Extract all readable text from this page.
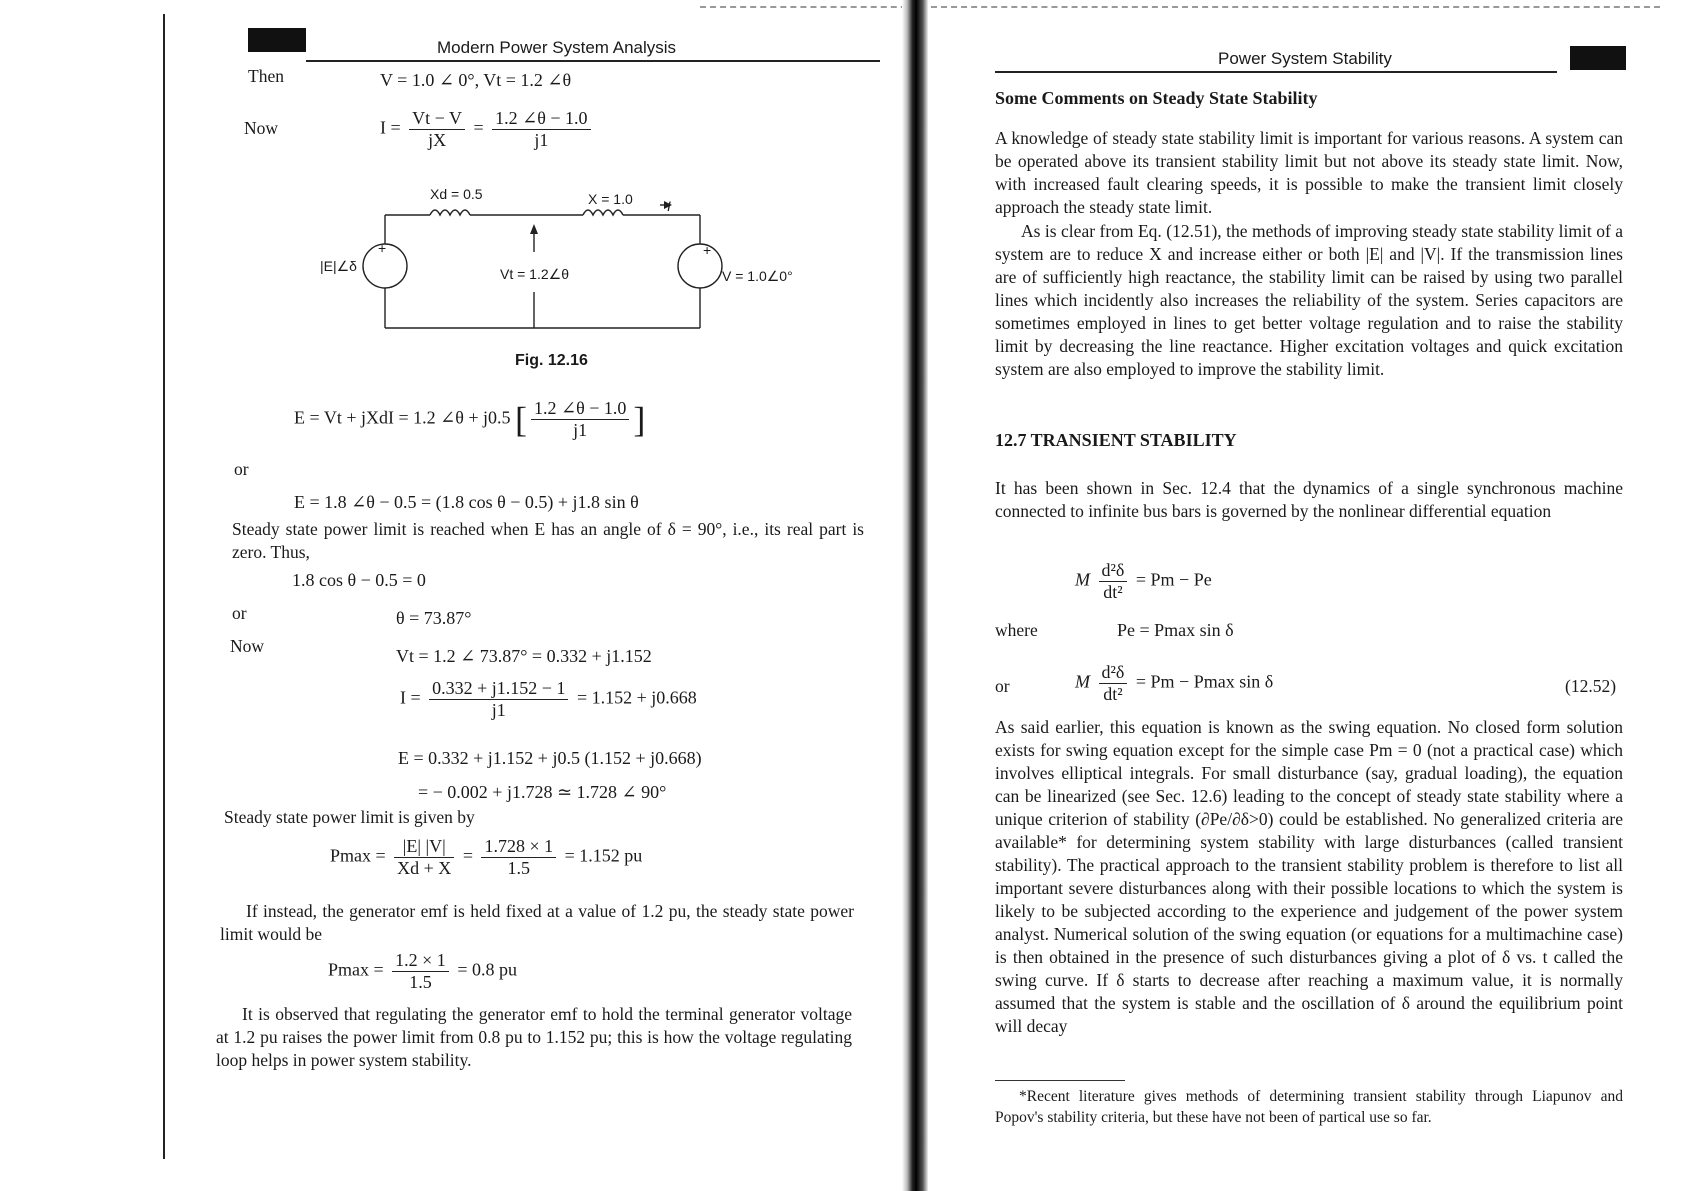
Modern Power System Analysis
Then	V = 1.0 ∠ 0°, Vt = 1.2 ∠θ
Now	$I = \frac{Vt - V}{jX} = \frac{1.2 \angle\theta - 1.0}{j1}$
Xd = 0.5	X = 1.0 I
+	+
|E|∠δ	Vt = 1.2∠θ	V = 1.0∠0°
Fig. 12.16
E = Vt + jXdI = 1.2 ∠θ + j0.5 [ $\frac{1.2 \angle\theta - 1.0}{j1}$ ]
or
E = 1.8 ∠θ − 0.5 = (1.8 cos θ − 0.5) + j1.8 sin θ
Steady state power limit is reached when E has an angle of δ = 90°, i.e., its real part is zero. Thus,
1.8 cos θ − 0.5 = 0
or	θ = 73.87°
Now	Vt = 1.2 ∠ 73.87° = 0.332 + j1.152
$I = \frac{0.332 + j1.152 - 1}{j1} = 1.152 + j0.668$
E = 0.332 + j1.152 + j0.5 (1.152 + j0.668)
= − 0.002 + j1.728 ≃ 1.728 ∠ 90°
Steady state power limit is given by
$Pmax = \frac{|E| |V|}{Xd + X} = \frac{1.728 \times 1}{1.5} = 1.152$ pu
If instead, the generator emf is held fixed at a value of 1.2 pu, the steady state power limit would be
$Pmax = \frac{1.2 \times 1}{1.5} = 0.8$ pu
It is observed that regulating the generator emf to hold the terminal generator voltage at 1.2 pu raises the power limit from 0.8 pu to 1.152 pu; this is how the voltage regulating loop helps in power system stability.
Power System Stability
Some Comments on Steady State Stability
A knowledge of steady state stability limit is important for various reasons. A system can be operated above its transient stability limit but not above its steady state limit. Now, with increased fault clearing speeds, it is possible to make the transient limit closely approach the steady state limit.
As is clear from Eq. (12.51), the methods of improving steady state stability limit of a system are to reduce X and increase either or both |E| and |V|. If the transmission lines are of sufficiently high reactance, the stability limit can be raised by using two parallel lines which incidently also increases the reliability of the system. Series capacitors are sometimes employed in lines to get better voltage regulation and to raise the stability limit by decreasing the line reactance. Higher excitation voltages and quick excitation system are also employed to improve the stability limit.
12.7 TRANSIENT STABILITY
It has been shown in Sec. 12.4 that the dynamics of a single synchronous machine connected to infinite bus bars is governed by the nonlinear differential equation
M $\frac{\text{d²δ}}{\text{dt²}} = Pm - Pe$
where	Pe = Pmax sin δ
or	M $\frac{\text{d²δ}}{\text{dt²}} = Pm - Pmax$ sin δ	(12.52)
As said earlier, this equation is known as the swing equation. No closed form solution exists for swing equation except for the simple case Pm = 0 (not a practical case) which involves elliptical integrals. For small disturbance (say, gradual loading), the equation can be linearized (see Sec. 12.6) leading to the concept of steady state stability where a unique criterion of stability (∂Pe/∂δ>0) could be established. No generalized criteria are available* for determining system stability with large disturbances (called transient stability). The practical approach to the transient stability problem is therefore to list all important severe disturbances along with their possible locations to which the system is likely to be subjected according to the experience and judgement of the power system analyst. Numerical solution of the swing equation (or equations for a multimachine case) is then obtained in the presence of such disturbances giving a plot of δ vs. t called the swing curve. If δ starts to decrease after reaching a maximum value, it is normally assumed that the system is stable and the oscillation of δ around the equilibrium point will decay
*Recent literature gives methods of determining transient stability through Liapunov and Popov's stability criteria, but these have not been of partical use so far.
